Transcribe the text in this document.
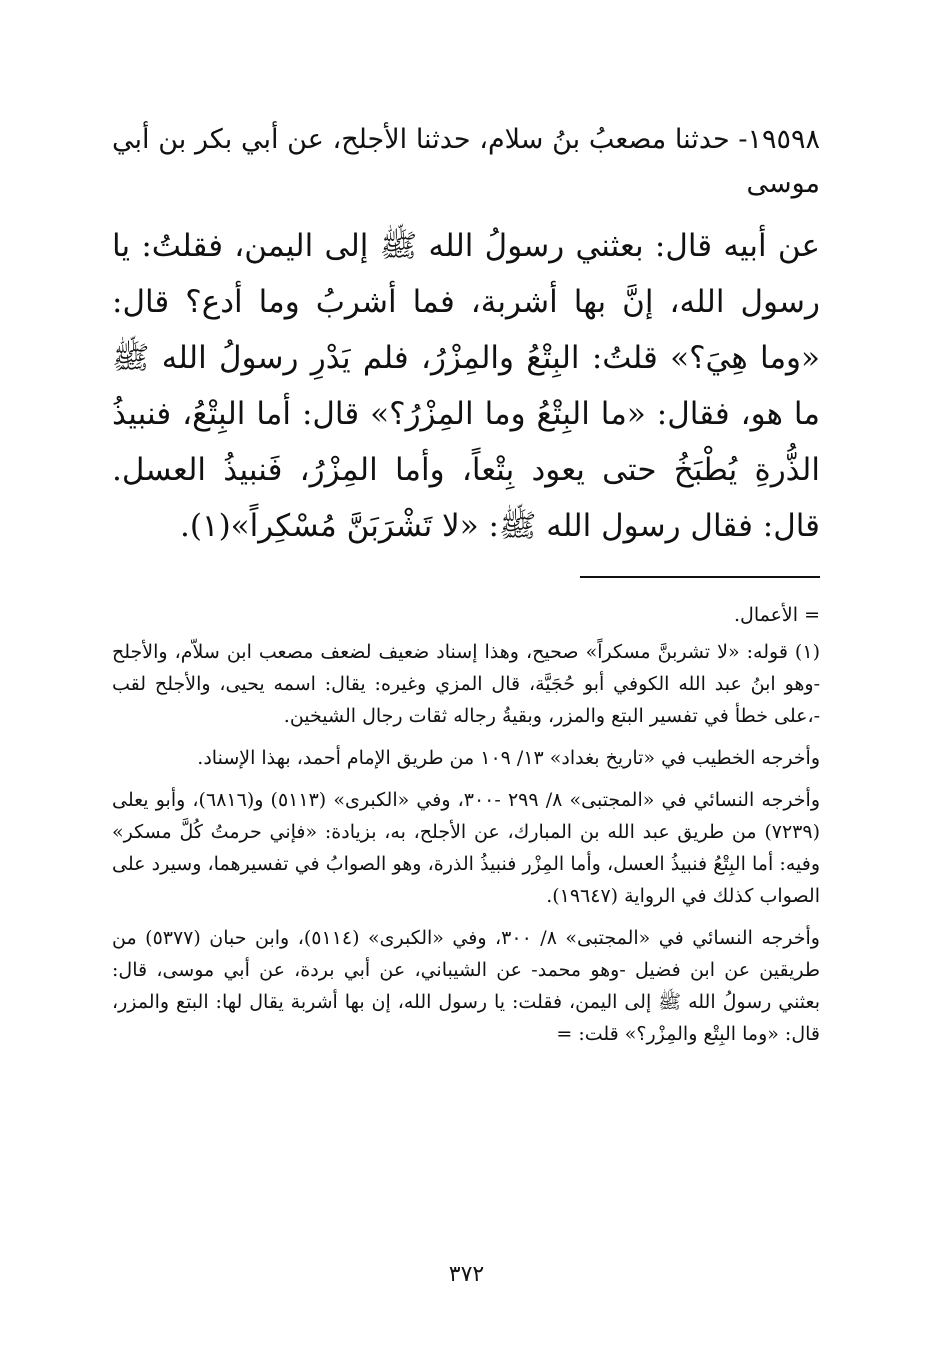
١٩٥٩٨- حدثنا مصعبُ بنُ سلام، حدثنا الأجلح، عن أبي بكر بن أبي موسى

عن أبيه قال: بعثني رسولُ الله ﷺ إلى اليمن، فقلتُ: يا رسول الله، إنَّ بها أشربة، فما أشربُ وما أدع؟ قال: «وما هِيَ؟» قلتُ: البِتْعُ والمِزْرُ، فلم يَدْرِ رسولُ الله ﷺ ما هو، فقال: «ما البِتْعُ وما المِزْرُ؟» قال: أما البِتْعُ، فنبيذُ الذُّرةِ يُطْبَخُ حتى يعود بِتْعاً، وأما المِزْرُ، فَنبيذُ العسل. قال: فقال رسول الله ﷺ: «لا تَشْرَبَنَّ مُسْكِراً»(١).

= الأعمال.

(١) قوله: «لا تشربنَّ مسكراً» صحيح، وهذا إسناد ضعيف لضعف مصعب ابن سلاّم، والأجلح -وهو ابنُ عبد الله الكوفي أبو حُجَيَّة، قال المزي وغيره: يقال: اسمه يحيى، والأجلح لقب -،على خطأ في تفسير البتع والمزر، وبقيةُ رجاله ثقات رجال الشيخين.

وأخرجه الخطيب في «تاريخ بغداد» ١٣/ ١٠٩ من طريق الإمام أحمد، بهذا الإسناد.

وأخرجه النسائي في «المجتبى» ٨/ ٢٩٩ -٣٠٠، وفي «الكبرى» (٥١١٣) و(٦٨١٦)، وأبو يعلى (٧٢٣٩) من طريق عبد الله بن المبارك، عن الأجلح، به، بزيادة: «فإني حرمتُ كُلَّ مسكر» وفيه: أما البِتْعُ فنبيذُ العسل، وأما المِزْر فنبيذُ الذرة، وهو الصوابُ في تفسيرهما، وسيرد على الصواب كذلك في الرواية (١٩٦٤٧).

وأخرجه النسائي في «المجتبى» ٨/ ٣٠٠، وفي «الكبرى» (٥١١٤)، وابن حبان (٥٣٧٧) من طريقين عن ابن فضيل -وهو محمد- عن الشيباني، عن أبي بردة، عن أبي موسى، قال: بعثني رسولُ الله ﷺ إلى اليمن، فقلت: يا رسول الله، إن بها أشربة يقال لها: البتع والمزر، قال: «وما البِتْع والمِزْر؟» قلت: =

٣٧٢
